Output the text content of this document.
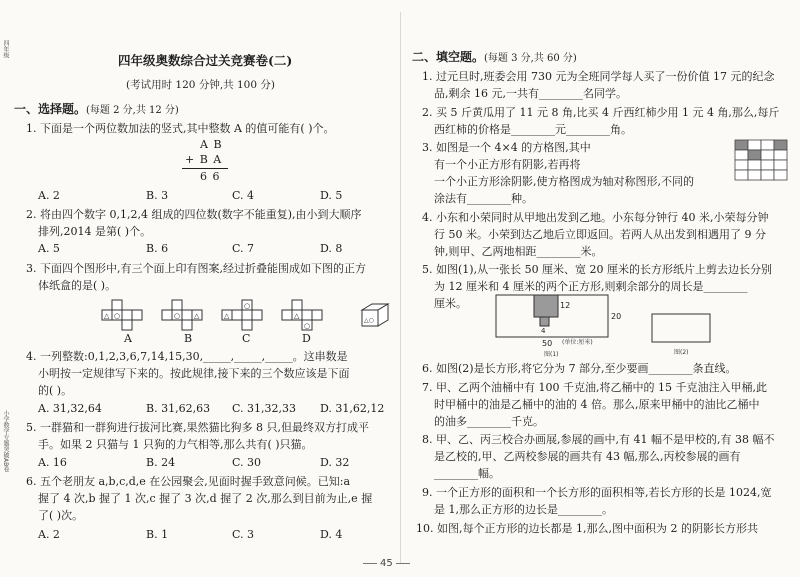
四年级
小学数学专题突破AB卷
四年级奥数综合过关竞赛卷(二)
(考试用时 120 分钟,共 100 分)
一、选择题。(每题 2 分,共 12 分)
1. 下面是一个两位数加法的竖式,其中整数 A 的值可能有( )个。
A B
+ B A
6 6
A. 2	B. 3	C. 4	D. 5
2. 将由四个数字 0,1,2,4 组成的四位数(数字不能重复),由小到大顺序
排列,2014 是第( )个。
A. 5	B. 6	C. 7	D. 8
3. 下面四个图形中,有三个面上印有图案,经过折叠能围成如下图的正方
体纸盒的是( )。
△ ○	○ △
○
△	△
○
△○
A	B	C	D
4. 一列整数:0,1,2,3,6,7,14,15,30,_____,_____,_____。这串数是
小明按一定规律写下来的。按此规律,接下来的三个数应该是下面
的( )。
A. 31,32,64	B. 31,62,63 C. 31,32,33 D. 31,62,12
5. 一群猫和一群狗进行拔河比赛,果然猫比狗多 8 只,但最终双方打成平
手。如果 2 只猫与 1 只狗的力气相等,那么共有( )只猫。
A. 16	B. 24	C. 30	D. 32
6. 五个老朋友 a,b,c,d,e 在公园聚会,见面时握手致意问候。已知:a
握了 4 次,b 握了 1 次,c 握了 3 次,d 握了 2 次,那么到目前为止,e 握
了( )次。
A. 2	B. 1	C. 3	D. 4
二、填空题。(每题 3 分,共 60 分)
1. 过元旦时,班委会用 730 元为全班同学每人买了一份价值 17 元的纪念
品,剩余 16 元,一共有________名同学。
2. 买 5 斤黄瓜用了 11 元 8 角,比买 4 斤西红柿少用 1 元 4 角,那么,每斤
西红柿的价格是________元________角。
3. 如图是一个 4×4 的方格图,其中
有一个小正方形有阴影,若再将
一个小正方形涂阴影,使方格图成为轴对称图形,不同的
涂法有________种。
4. 小东和小荣同时从甲地出发到乙地。小东每分钟行 40 米,小荣每分钟
行 50 米。小荣到达乙地后立即返回。若两人从出发到相遇用了 9 分
钟,则甲、乙两地相距________米。
5. 如图(1),从一张长 50 厘米、宽 20 厘米的长方形纸片上剪去边长分别
为 12 厘米和 4 厘米的两个正方形,则剩余部分的周长是________
厘米。	12
20
4
50 (单位:厘米)
图(1)	图(2)
6. 如图(2)是长方形,将它分为 7 部分,至少要画________条直线。
7. 甲、乙两个油桶中有 100 千克油,将乙桶中的 15 千克油注入甲桶,此
时甲桶中的油是乙桶中的油的 4 倍。那么,原来甲桶中的油比乙桶中
的油多________千克。
8. 甲、乙、丙三校合办画展,参展的画中,有 41 幅不是甲校的,有 38 幅不
是乙校的,甲、乙两校参展的画共有 43 幅,那么,丙校参展的画有
________幅。
9. 一个正方形的面积和一个长方形的面积相等,若长方形的长是 1024,宽
是 1,那么正方形的边长是________。
10. 如图,每个正方形的边长都是 1,那么,图中面积为 2 的阴影长方形共
45
